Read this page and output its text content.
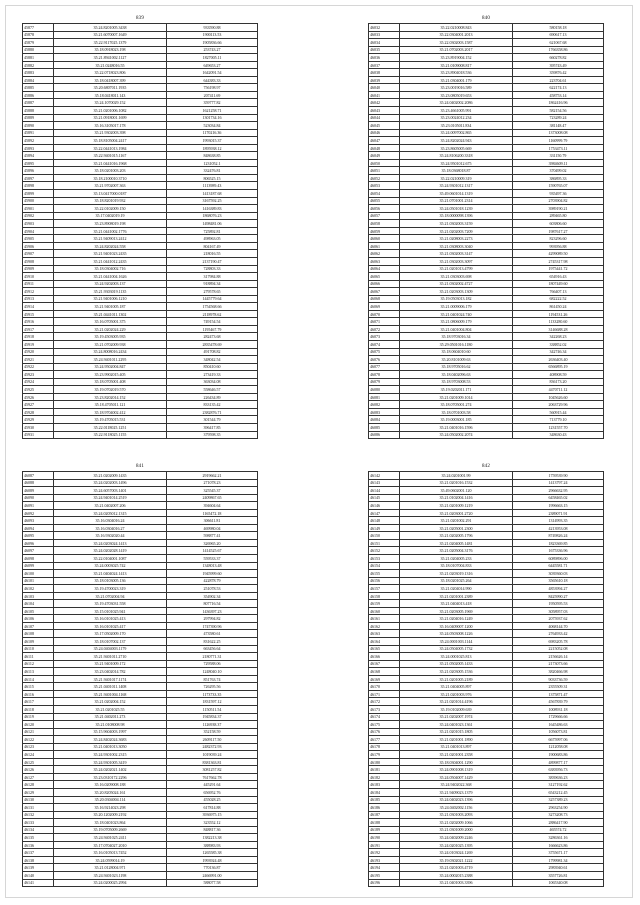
839
45877	35.24.8201005.3438	933590.88
45878	35.21.6070007.1649	1900113.53
45879	35.22.9117025.1379	1905836.66
45880	35.18.0918023.198	253743.27
45881	35.21.8941002.1127	1827005.11
45882	35.21.0248016.55	649653.27
45883	35.22.0718023.806	1642091.54
45884	35.18.0418007.399	644383.33
45885	35.20.6807011.1935	756198.97
45886	35.18.0418011.143	207411.69
45887	35.24.1070029.152	359777.82
45888	35.21.0201006.1082	1621258.71
45889	35.21.0918001.1699	1301734.16
45890	35.16.3105017.178	523034.84
45891	35.21.9302003.398	1170216.36
45892	35.18.8105004.2417	1993015.37
45893	35.22.0441013.1984	1895938.12
45894	35.22.9401015.1167	848638.85
45895	35.21.0441016.1968	1231052.1
45896	35.18.0201003.203	332476.81
45897	35.18.2100010.3710	806525.15
45898	35.21.9702007.363	1113989.43
45899	35.13.0417000.0187	1413187.68
45900	35.18.8201019.932	3167592.25
45901	35.22.0102009.150	1416389.83
45902	35.17.0402019.19	1868076.23
45903	35.23.8908019.198	1498481.06
45904	35.21.0441002.1776	725892.81
45905	35.21.9409013.2412	498963.05
45906	35.24.8202024.558	804167.49
45907	35.21.9401023.2435	218016.55
45908	35.21.0441012.2435	2137190.47
45909	35.18.0304002.716	728803.33
45910	35.21.0441004.1626	317984.88
45911	35.24.9202003.137	918894.34
45912	35.21.9303019.1135	279578.65
45913	35.21.9401006.1210	1445779.64
45914	35.21.9401005.187	1754568.66
45915	35.21.0441011.1302	2118978.62
45916	35.16.0705001.375	749154.54
45917	35.21.0202024.229	1195467.79
45918	35.19.4503005.935	282473.68
45919	35.21.0702009.938	2835478.69
45920	35.24.8008016.2434	491708.82
45921	35.24.9401011.2295	348042.54
45922	35.24.9502004.847	850410.60
45923	35.23.9902015.405	273419.33
45924	35.18.0705001.408	363034.08
45925	35.19.0702019.570	558646.57
45926	35.23.8202014.152	226434.89
45927	35.18.4705011.121	833135.42
45928	35.18.9704002.412	2382876.71
45929	35.19.4705015.531	301544.79
45930	35.22.0118025.1251	396417.85
45931	35.22.9118025.1155	379598.35
840
46032	35.22.0210008.843	580158.18
46033	35.22.0304001.2013	690617.13
46034	35.22.0302003.1587	621067.68
46035	35.21.0702003.2017	1766358.86
46036	35.23.8919004.152	660278.82
46037	35.21.0109008.817	395743.49
46038	35.23.8904018.536	359876.42
46039	35.21.0304001.179	223704.61
46040	35.23.0019016.589	622174.13
46041	35.23.0805019.653	458753.14
46042	35.24.0402002.2086	1862416.96
46043	35.23.4661005.991	582154.56
46044	35.23.0024012.234	723289.24
46045	35.23.0105011.834	381148.47
46046	35.24.0097002.865	1373008.08
46047	35.24.8202024.943	1160999.79
46048	35.23.8605005.669	1753473.11
46049	35.24.8106200.3318	331150.79
46050	35.24.9501012.675	3984609.11
46051	35.18.0368018.87	370499.02
46052	35.22.0210009.319	386895.33
46053	35.24.9301012.1317	1590765.07
46054	35.49.0601014.1319	935497.36
46055	35.21.0701001.2314	2703904.82
46056	35.24.0501018.1239	3989190.21
46057	35.18.0000098.1396	289465.80
46058	35.21.0302003.3159	603806.60
46059	35.21.0202003.7209	1987617.27
46060	35.21.0208003.2273	823296.60
46061	35.21.0308003.3040	993956.88
46062	35.21.0302003.3147	4299089.50
46063	35.21.0302003.3097	2745317.98
46064	35.21.0201013.4799	1975441.72
46065	35.21.0303003.698	654916.43
46066	35.21.0302002.4727	1807449.60
46067	35.21.0203003.1309	766407.13
46068	35.19.0503013.182	682222.52
46069	35.21.0009006.179	861450.24
46070	35.21.0401024.740	1194531.26
46071	35.21.0806009.179	1133280.60
46072	35.21.0401004.804	3146688.28
46073	35.18.9703016.34	342268.23
46074	35.29.0501016.1180	338852.02
46075	35.18.0604010.60	342746.34
46076	35.20.8101009.63	2636403.40
46077	35.18.9705016.62	6566895.19
46078	35.18.0402096.63	408908.59
46079	35.18.9703008.53	836173.20
46080	35.19.0202011.171	4470711.12
46081	35.21.0201009.1014	1045626.60
46082	35.18.0705001.274	2063729.96
46083	35.18.0701003.58	560915.44
46084	35.19.0003001.185	713779.10
46085	35.21.0401016.1596	1231557.70
46086	35.24.0502002.2074	348630.43
841
46087	35.21.0202009.1435	2919662.21
46088	35.24.0202003.1496	271078.23
46089	35.24.6057003.1401	325545.37
46090	35.24.9401014.2519	2409867.65
46091	35.21.0402007.206	394604.64
46092	35.24.0205012.1315	1165472.18
46093	35.16.0304016.24	306611.81
46094	35.16.0304016.27	469980.04
46095	35.16.9302020.44	598877.41
46096	35.24.0203024.1413	326965.20
46097	35.24.0202028.1419	1414525.67
46098	35.22.0104001.1087	559533.37
46099	35.24.0003025.742	1348013.48
46100	35.21.0404024.1413	1945999.60
46101	35.18.0103005.136	422878.79
46102	35.19.4700023.319	251078.53
46103	35.21.0702004.94	354902.34
46104	35.19.4703031.558	807716.54
46105	35.15.0101025.941	1436397.23
46106	35.16.0101025.413	297994.82
46107	35.16.0101025.417	1747390.96
46108	35.17.0502009.170	473580.61
46109	35.18.0107002.137	831622.25
46110	35.24.0404003.1179	663456.64
46111	35.21.9401011.2710	2180771.31
46112	35.21.9401009.172	729588.06
46113	35.23.0402014.782	1248040.10
46114	35.21.9401017.1174	851763.74
46115	35.21.0401011.1408	726295.56
46116	35.21.9401004.1168	1173733.35
46117	35.21.0202004.152	1831597.12
46118	35.21.0201025.55	1150511.54
46119	35.21.0402011.273	1945834.37
46120	35.21.0108008.98	1126938.37
46121	35.15.9604003.1997	352158.59
46122	35.24.8402024.3683	2609117.50
46123	35.21.0401013.3050	2482372.93
46124	35.24.9301002.2315	1019039.24
46125	35.24.9301005.3419	8381363.81
46126	35.24.0202021.1402	3081257.82
46127	35.23.0310172.2296	7617662.78
46128	35.16.0209008.188	445291.64
46129	35.20.8205024.161	656952.76
46130	35.20.0304004.114	455028.25
46131	35.16.9214023.298	617814.88
46132	35.20.1202009.2192	3936975.15
46133	35.18.0401023.864	323552.12
46134	35.19.0705009.2669	848817.36
46135	35.24.9401025.2411	1382213.38
46136	35.17.0704027.2010	388983.93
46137	35.16.0105013.7452	1265585.38
46138	35.24.0599014.19	1993924.48
46139	35.21.0128004.971	770136.87
46140	35.24.9401023.1198	2466991.00
46141	35.24.0200025.2994	588077.58
842
46142	35.24.0201001.99	1759539.90
46143	35.21.0201016.1532	1413797.24
46144	35.49.0602001.120	2966632.95
46145	35.21.0102004.1416	6458465.02
46146	35.21.0201009.1219	1996663.15
46147	35.21.0203001.2720	2389071.91
46148	35.21.0201002.291	1314993.35
46149	35.21.0205001.2300	4213953.08
46150	35.21.0202005.1796	8749826.24
46151	35.21.0204005.1481	1823369.85
46152	35.21.0205004.3176	1675336.96
46153	35.21.0204005.233	6089896.00
46154	35.18.0107004.833	6445581.71
46155	35.21.0203019.1316	3039360.03
46156	35.18.0201025.264	3565610.18
46157	35.21.0204014.990	4853994.27
46158	35.21.0201001.2389	8425990.27
46159	35.21.0404013.418	1950595.53
46160	35.21.0203005.1969	3058957.03
46161	35.21.0204016.1249	2075937.62
46162	35.16.0409007.1200	4068144.70
46163	35.24.0503008.1226	2764933.42
46164	35.24.0001003.1144	6983205.78
46165	35.24.0504005.1732	2215052.08
46166	35.24.0001025.813	2156626.14
46167	35.21.0502005.1433	2173073.66
46168	35.21.0203005.1536	3820466.98
46169	35.21.0201005.2189	9033736.59
46170	35.21.0404005.897	2355509.31
46171	35.21.0201003.976	1375871.47
46172	35.21.0201014.4196	4567839.79
46173	35.19.0102009.639	1008931.18
46174	35.21.0202007.1974	1729666.66
46175	35.24.0401023.1361	1645486.63
46176	35.21.0201015.1805	1056073.81
46177	35.21.0201001.1890	6675997.06
46178	35.21.0401013.897	1212058.08
46179	35.21.0201001.2358	1900683.86
46180	35.18.0304001.1290	4899877.17
46181	35.24.0901008.1319	6383956.73
46182	35.24.0504007.1429	3839636.23
46183	35.24.9402022.368	3127192.62
46184	35.21.9409023.1379	6543212.45
46185	35.24.0402023.1396	3257389.23
46186	35.24.0402002.1156	2963254.90
46187	35.21.0301003.2093	3273208.73
46188	35.21.0202009.1066	2886417.90
46189	35.21.0301009.2000	465574.72
46190	35.24.0402009.2246	3286361.16
46191	35.24.0201025.1395	1666623.86
46192	35.24.0103024.1269	3755671.17
46193	35.19.0302021.1222	1799981.34
46194	35.21.0201003.4719	2983940.61
46195	35.24.0002015.2388	3557726.81
46196	35.21.0401003.3396	1065340.08
